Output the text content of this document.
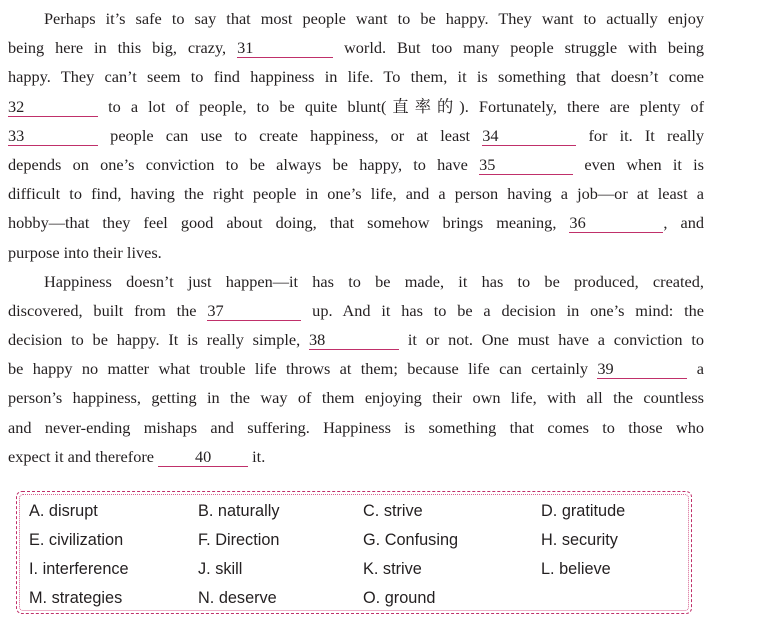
Perhaps it’s safe to say that most people want to be happy. They want to actually enjoy
being here in this big, crazy, 31	world. But too many people struggle with being
happy. They can’t seem to find happiness in life. To them, it is something that doesn’t come
32	to a lot of people, to be quite blunt(直率的). Fortunately, there are plenty of
33	people can use to create happiness, or at least 34	for it. It really
depends on one’s conviction to be always be happy, to have 35	even when it is
difficult to find, having the right people in one’s life, and a person having a job—or at least a
hobby—that they feel good about doing, that somehow brings meaning, 36	, and
purpose into their lives.
Happiness doesn’t just happen—it has to be made, it has to be produced, created,
discovered, built from the 37	up. And it has to be a decision in one’s mind: the
decision to be happy. It is really simple, 38	it or not. One must have a conviction to
be happy no matter what trouble life throws at them; because life can certainly 39	a
person’s happiness, getting in the way of them enjoying their own life, with all the countless
and never-ending mishaps and suffering. Happiness is something that comes to those who
expect it and therefore	40	it.
A. disrupt	B. naturally	C. strive	D. gratitude
E. civilization	F. Direction	G. Confusing	H. security
I. interference	J. skill	K. strive	L. believe
M. strategies	N. deserve	O. ground
